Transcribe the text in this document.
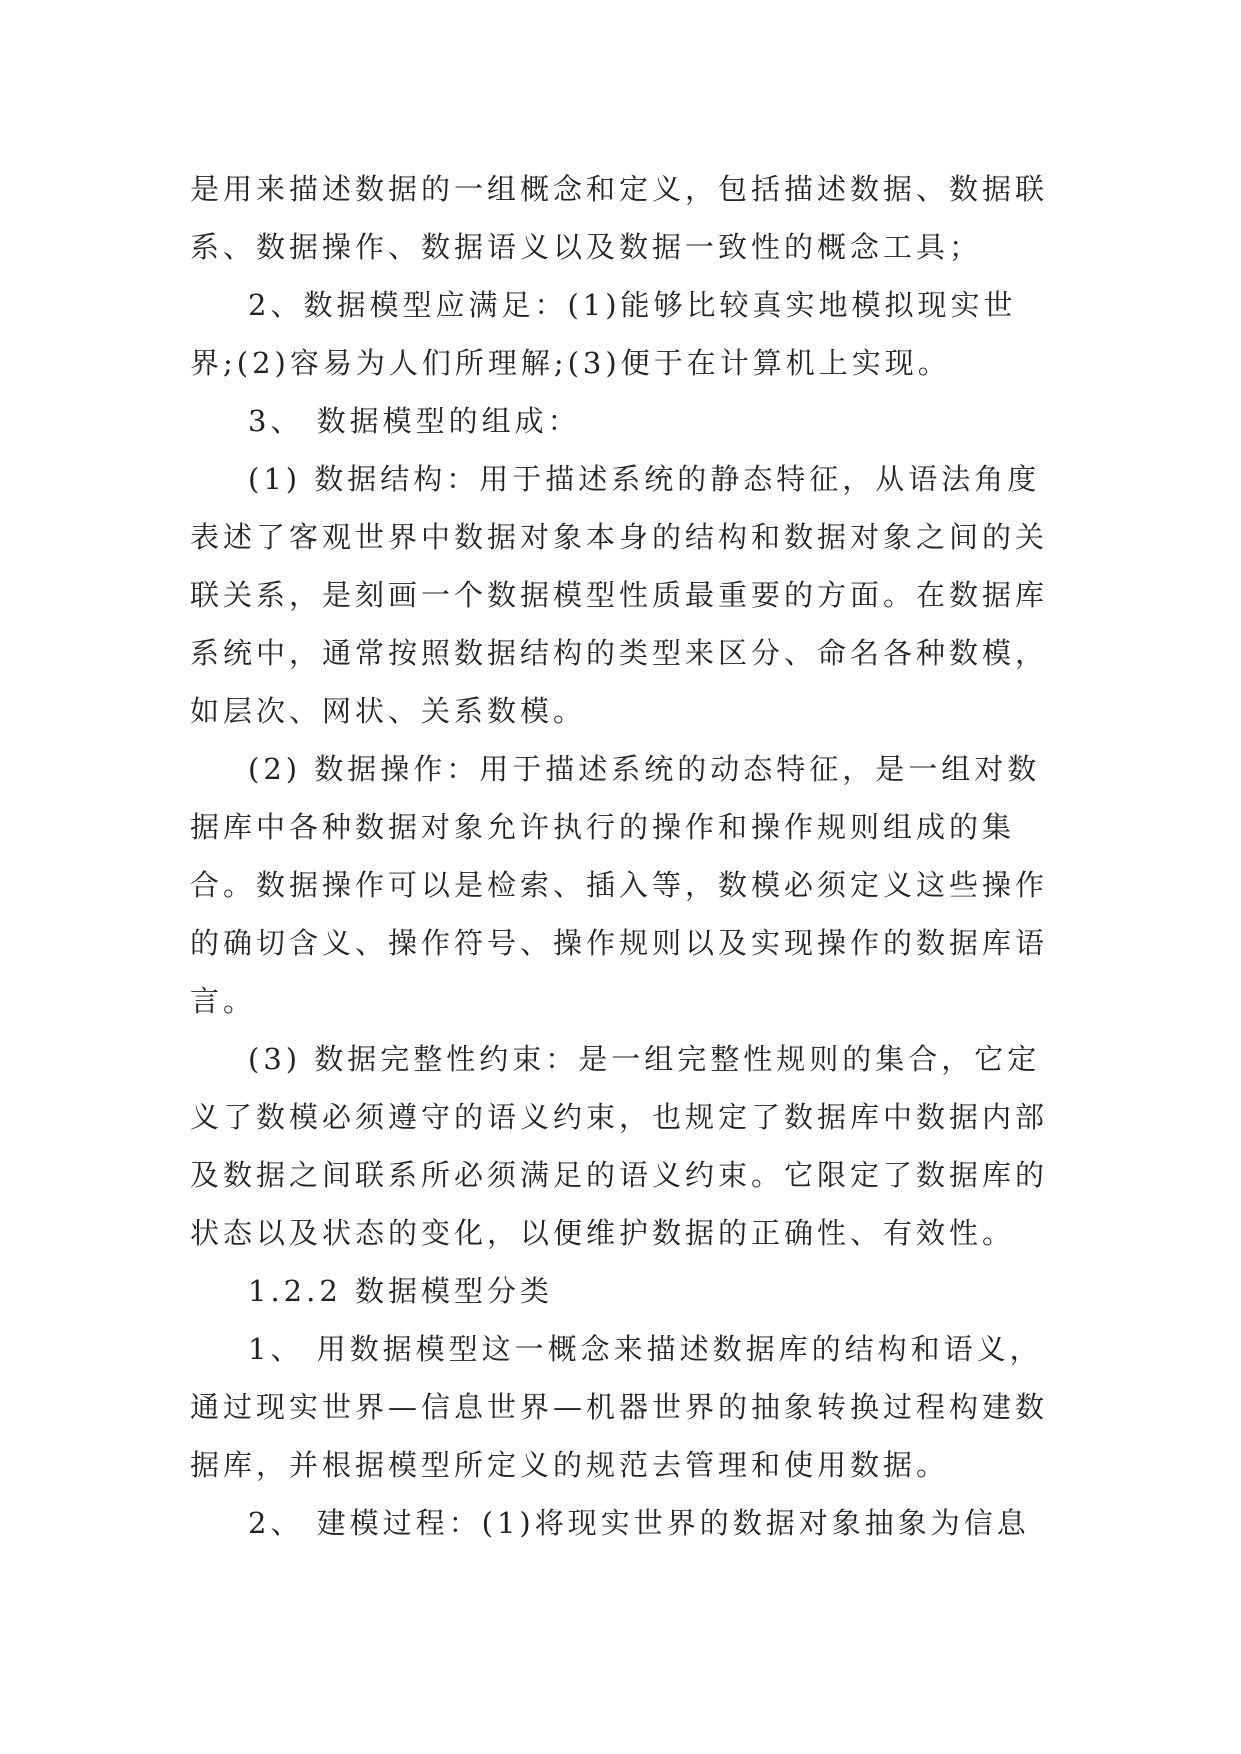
是用来描述数据的一组概念和定义，包括描述数据、数据联系、数据操作、数据语义以及数据一致性的概念工具；

2、数据模型应满足：(1)能够比较真实地模拟现实世界;(2)容易为人们所理解;(3)便于在计算机上实现。

3、 数据模型的组成：

(1) 数据结构：用于描述系统的静态特征，从语法角度表述了客观世界中数据对象本身的结构和数据对象之间的关联关系，是刻画一个数据模型性质最重要的方面。在数据库系统中，通常按照数据结构的类型来区分、命名各种数模，如层次、网状、关系数模。

(2) 数据操作：用于描述系统的动态特征，是一组对数据库中各种数据对象允许执行的操作和操作规则组成的集合。数据操作可以是检索、插入等，数模必须定义这些操作的确切含义、操作符号、操作规则以及实现操作的数据库语言。

(3) 数据完整性约束：是一组完整性规则的集合，它定义了数模必须遵守的语义约束，也规定了数据库中数据内部及数据之间联系所必须满足的语义约束。它限定了数据库的状态以及状态的变化，以便维护数据的正确性、有效性。

1.2.2 数据模型分类

1、 用数据模型这一概念来描述数据库的结构和语义，通过现实世界—信息世界—机器世界的抽象转换过程构建数据库，并根据模型所定义的规范去管理和使用数据。

2、 建模过程：(1)将现实世界的数据对象抽象为信息
